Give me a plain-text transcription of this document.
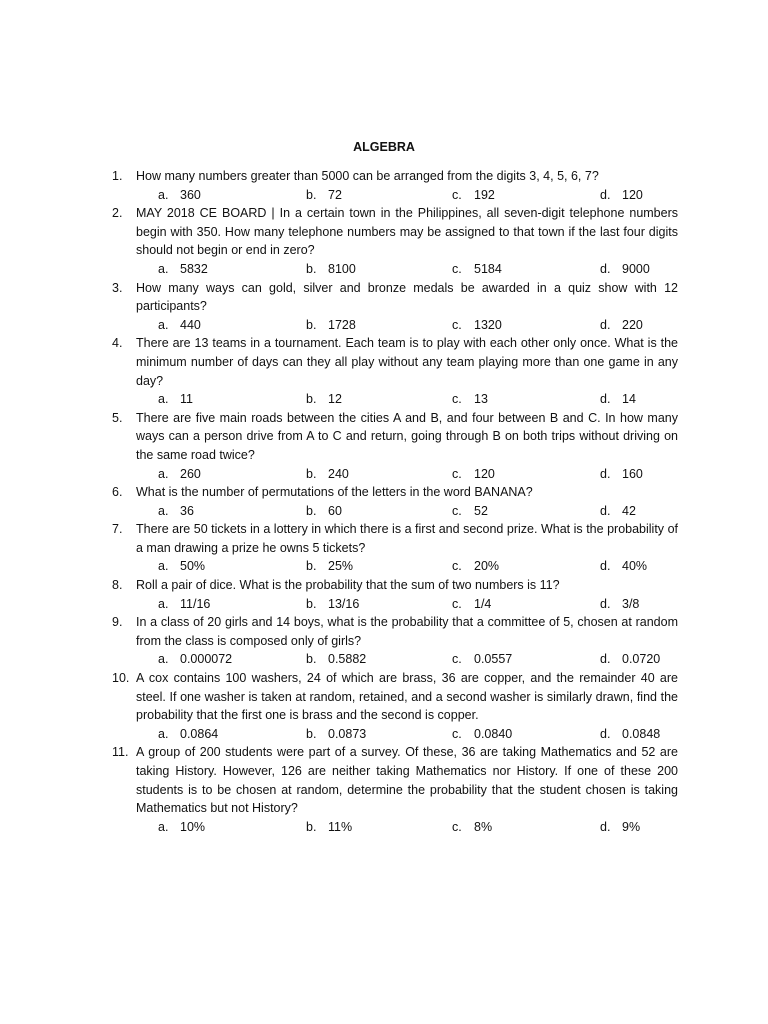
ALGEBRA
1.	How many numbers greater than 5000 can be arranged from the digits 3, 4, 5, 6, 7?
a. 360	b. 72	c. 192	d. 120
2.	MAY 2018 CE BOARD | In a certain town in the Philippines, all seven-digit telephone numbers begin with 350. How many telephone numbers may be assigned to that town if the last four digits should not begin or end in zero?
a. 5832	b. 8100	c. 5184	d. 9000
3.	How many ways can gold, silver and bronze medals be awarded in a quiz show with 12 participants?
a. 440	b. 1728	c. 1320	d. 220
4.	There are 13 teams in a tournament. Each team is to play with each other only once. What is the minimum number of days can they all play without any team playing more than one game in any day?
a. 11	b. 12	c. 13	d. 14
5.	There are five main roads between the cities A and B, and four between B and C. In how many ways can a person drive from A to C and return, going through B on both trips without driving on the same road twice?
a. 260	b. 240	c. 120	d. 160
6.	What is the number of permutations of the letters in the word BANANA?
a. 36	b. 60	c. 52	d. 42
7.	There are 50 tickets in a lottery in which there is a first and second prize. What is the probability of a man drawing a prize he owns 5 tickets?
a. 50%	b. 25%	c. 20%	d. 40%
8.	Roll a pair of dice. What is the probability that the sum of two numbers is 11?
a. 11/16	b. 13/16	c. 1/4	d. 3/8
9.	In a class of 20 girls and 14 boys, what is the probability that a committee of 5, chosen at random from the class is composed only of girls?
a. 0.000072	b. 0.5882	c. 0.0557	d. 0.0720
10. A cox contains 100 washers, 24 of which are brass, 36 are copper, and the remainder 40 are steel. If one washer is taken at random, retained, and a second washer is similarly drawn, find the probability that the first one is brass and the second is copper.
a. 0.0864	b. 0.0873	c. 0.0840	d. 0.0848
11. A group of 200 students were part of a survey. Of these, 36 are taking Mathematics and 52 are taking History. However, 126 are neither taking Mathematics nor History. If one of these 200 students is to be chosen at random, determine the probability that the student chosen is taking Mathematics but not History?
a. 10%	b. 11%	c. 8%	d. 9%
